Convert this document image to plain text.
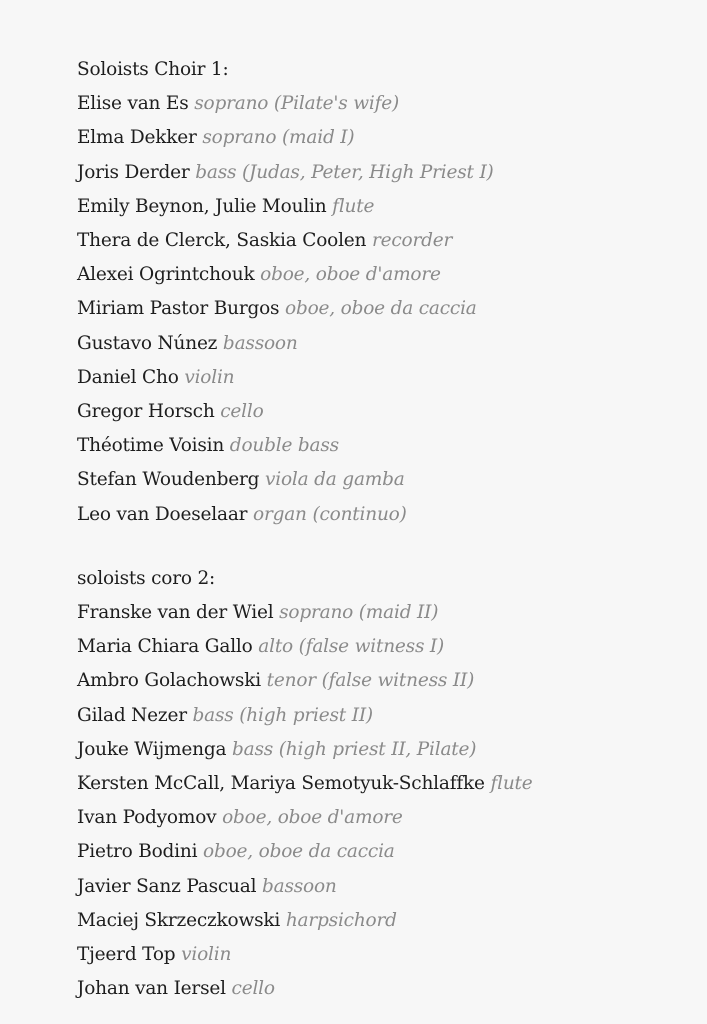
Soloists Choir 1:

Elise van Es soprano (Pilate's wife)

Elma Dekker soprano (maid I)

Joris Derder bass (Judas, Peter, High Priest I)

Emily Beynon, Julie Moulin flute

Thera de Clerck, Saskia Coolen recorder

Alexei Ogrintchouk oboe, oboe d'amore

Miriam Pastor Burgos oboe, oboe da caccia

Gustavo Núnez bassoon

Daniel Cho violin

Gregor Horsch cello

Théotime Voisin double bass

Stefan Woudenberg viola da gamba

Leo van Doeselaar organ (continuo)

soloists coro 2:

Franske van der Wiel soprano (maid II)

Maria Chiara Gallo alto (false witness I)

Ambro Golachowski tenor (false witness II)

Gilad Nezer bass (high priest II)

Jouke Wijmenga bass (high priest II, Pilate)

Kersten McCall, Mariya Semotyuk-Schlaffke flute

Ivan Podyomov oboe, oboe d'amore

Pietro Bodini oboe, oboe da caccia

Javier Sanz Pascual bassoon

Maciej Skrzeczkowski harpsichord

Tjeerd Top violin

Johan van Iersel cello
